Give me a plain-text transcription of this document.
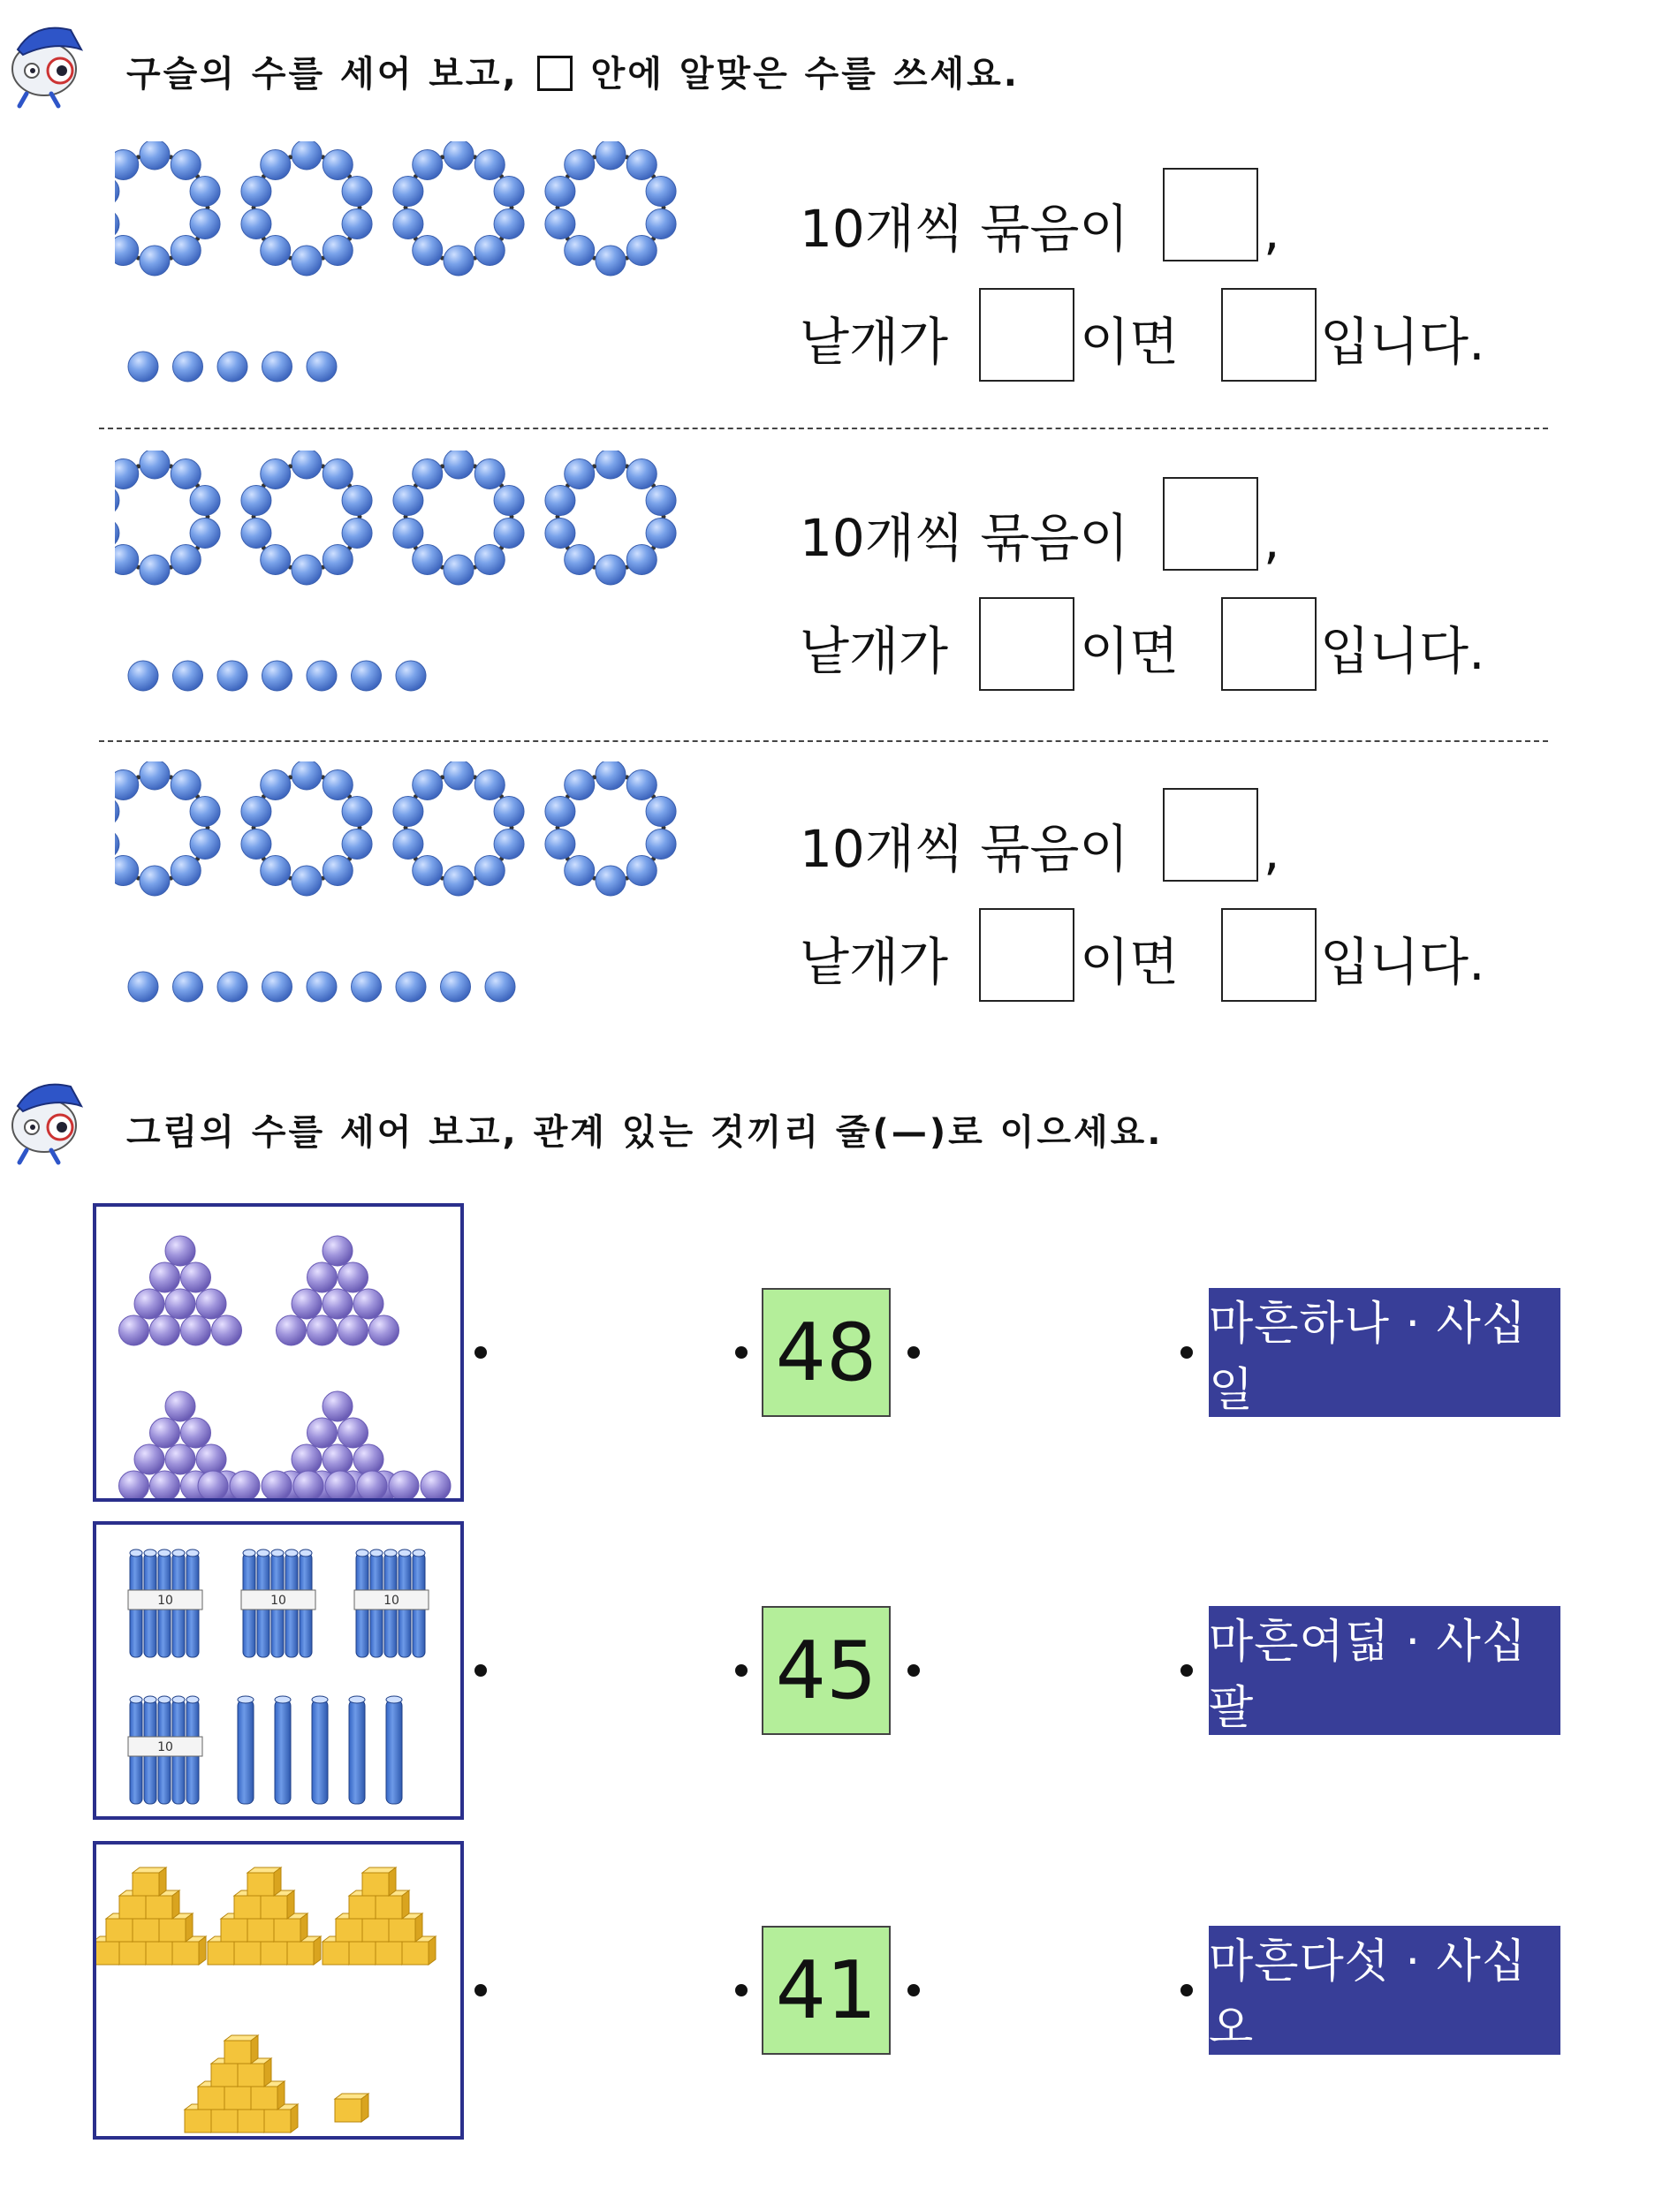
구슬의 수를 세어 보고, 안에 알맞은 수를 쓰세요.
10개씩 묶음이	,
낱개가	이면	입니다.
10개씩 묶음이	,
낱개가	이면	입니다.
10개씩 묶음이	,
낱개가	이면	입니다.
그림의 수를 세어 보고, 관계 있는 것끼리 줄(—)로 이으세요.
10	10	10
10
48
45
41
마흔하나 · 사십일
마흔여덟 · 사십팔
마흔다섯 · 사십오
